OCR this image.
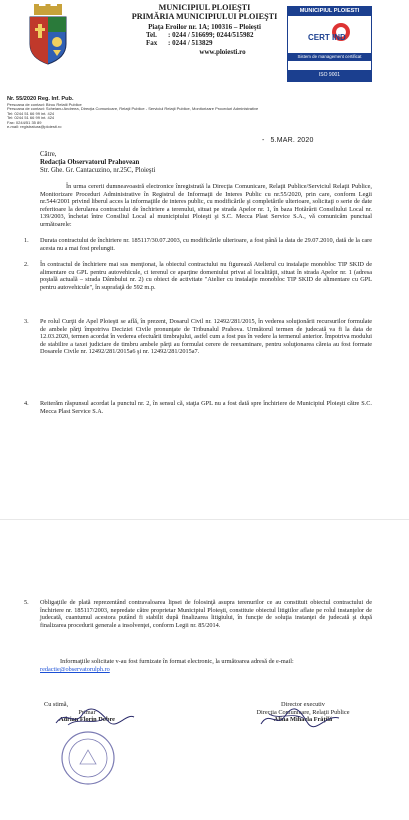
MUNICIPIUL PLOIEŞTI
PRIMĂRIA MUNICIPIULUI PLOIEŞTI
Piaţa Eroilor nr. 1A; 100316 – Ploieşti
Tel. : 0244 / 516699; 0244/515982
Fax : 0244 / 513829
www.ploiesti.ro
MUNICIPIUL PLOIESTI
CERT IND
Sistem de management certificat
ISO 9001
Nr. 55/2020 Reg. Inf. Pub.
Persoana de contact: Birou Relatii Publice
Persoana de contact: Scheianu Andreea, Direcţia Comunicare, Relaţii Publice - Serviciul Relaţii Publice, Monitorizare Proceduri Administrative
Tel: 0244 51 66 99 int. 424
Tel: 0244 51 66 99 int. 424
Fax: 0244/51 35 89
e-mail: registratura@ploiesti.ro
- 5.MAR. 2020
Către,
Redacţia Observatorul Prahovean
Str. Ghe. Gr. Cantacuzino, nr.25C, Ploieşti
În urma cererii dumneavoastră electronice înregistrată la Direcţia Comunicare, Relaţii Publice/Serviciul Relaţii Publice, Monitorizare Proceduri Administrative în Registrul de Informaţii de Interes Public cu nr.55/2020, prin care, conform Legii nr.544/2001 privind liberul acces la informaţiile de interes public, cu modificările şi completările ulterioare, solicitaţi o serie de date referitoare la derularea contractului de închiriere a terenului, situat pe strada Apelor nr. 1, în baza Hotărârii Consiliului Local nr. 139/2003, încheiat între Consiliul Local al municipiului Ploieşti şi S.C. Mecca Plast Service S.A., vă comunicăm punctual următoarele:
1.	Durata contractului de închiriere nr. 185117/30.07.2003, cu modificările ulterioare, a fost până la data de 29.07.2010, dată de la care acesta nu a mai fost prelungit.
2.	În contractul de închiriere mai sus menţionat, la obiectul contractului nu figurează Atelierul cu instalaţie monobloc TIP SKID de alimentare cu GPL pentru autovehicule, ci terenul ce aparţine domeniului privat al localităţii, situat în strada Apelor nr. 1 (adresa poştală actuală – strada Dâmbului nr. 2) cu obiect de activitate "Atelier cu instalaţie monobloc TIP SKID de alimentare cu GPL pentru autovehicule", în suprafaţă de 592 m.p.
3.	Pe rolul Curţii de Apel Ploieşti se află, în prezent, Dosarul Civil nr. 12492/281/2015, în vederea soluţionării recursurilor formulate de ambele părţi împotriva Deciziei Civile pronunţate de Tribunalul Prahova. Următorul termen de judecată va fi la data de 12.03.2020, termen acordat în vederea efectuării timbrajului, astfel cum a fost pus în vedere la termenul anterior. Împotriva modului de stabilire a taxei judiciare de timbru ambele părţi au formulat cerere de reexaminare, pentru soluţionarea căreia au fost formate Dosarele Civile nr. 12492/281/2015a6 şi nr. 12492/281/2015a7.
4.	Reiterăm răspunsul acordat la punctul nr. 2, în sensul că, staţia GPL nu a fost dată spre închiriere de Municipiul Ploieşti către S.C. Mecca Plast Service S.A.
5.	Obligaţiile de plată reprezentând contravaloarea lipsei de folosinţă asupra terenurilor ce au constituit obiectul contractului de închiriere nr. 185117/2003, nepredate către proprietar Municipiul Ploieşti, constituie obiectul litigiilor aflate pe rolul instanţelor de judecată, cuantumul acestora putând fi stabilit după finalizarea litigiului, în funcţie de soluţia instanţei de judecată şi după finalizarea procedurii generale a insolvenţei, conform Legii nr. 85/2014.
Informaţiile solicitate v-au fost furnizate în format electronic, la următoarea adresă de e-mail:
redactie@observatorulph.ro
Cu stimă,
Primar
Adrian Florin Dobre
Director executiv
Direcţia Comunicare, Relaţii Publice
Alina Mihaela Frăţilă
